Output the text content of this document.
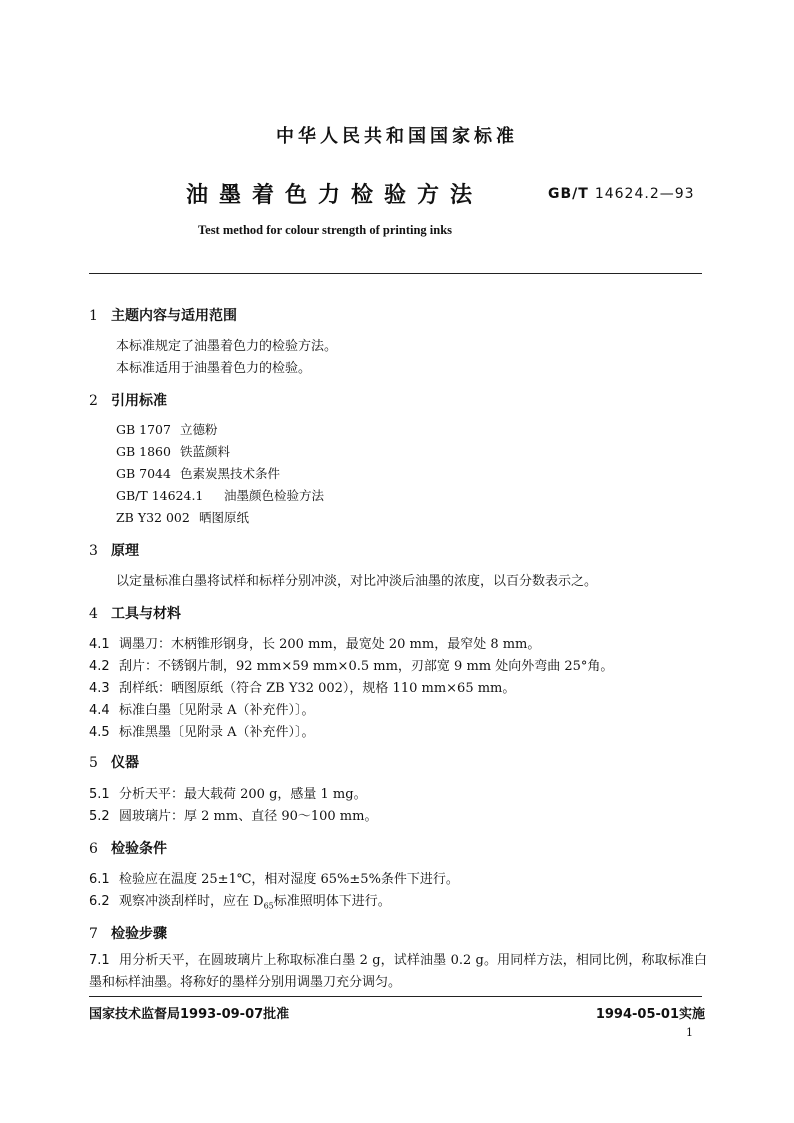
中华人民共和国国家标准
油墨着色力检验方法	GB/T 14624.2—93
Test method for colour strength of printing inks
1 主题内容与适用范围
本标准规定了油墨着色力的检验方法。
本标准适用于油墨着色力的检验。
2 引用标准
GB 1707 立德粉
GB 1860 铁蓝颜料
GB 7044 色素炭黑技术条件
GB/T 14624.1 油墨颜色检验方法
ZB Y32 002 晒图原纸
3 原理
以定量标准白墨将试样和标样分别冲淡，对比冲淡后油墨的浓度，以百分数表示之。
4 工具与材料
4.1 调墨刀：木柄锥形钢身，长 200 mm，最宽处 20 mm，最窄处 8 mm。
4.2 刮片：不锈钢片制，92 mm×59 mm×0.5 mm，刃部宽 9 mm 处向外弯曲 25°角。
4.3 刮样纸：晒图原纸（符合 ZB Y32 002），规格 110 mm×65 mm。
4.4 标准白墨〔见附录 A（补充件）〕。
4.5 标准黑墨〔见附录 A（补充件）〕。
5 仪器
5.1 分析天平：最大载荷 200 g，感量 1 mg。
5.2 圆玻璃片：厚 2 mm、直径 90～100 mm。
6 检验条件
6.1 检验应在温度 25±1℃，相对湿度 65%±5%条件下进行。
6.2 观察冲淡刮样时，应在 $D_{65}$标准照明体下进行。
7 检验步骤
7.1 用分析天平，在圆玻璃片上称取标准白墨 2 g，试样油墨 0.2 g。用同样方法，相同比例，称取标准白墨和标样油墨。将称好的墨样分别用调墨刀充分调匀。
国家技术监督局1993-09-07批准	1994-05-01实施
1
